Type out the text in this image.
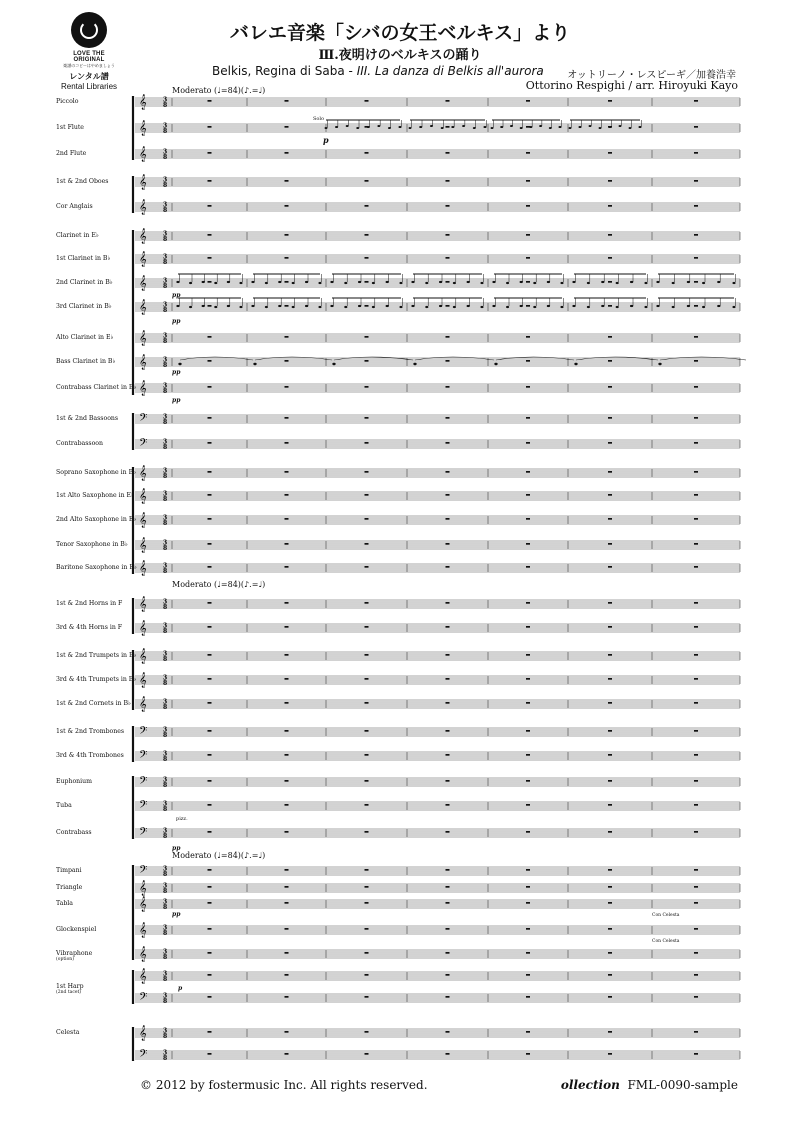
LOVE THE ORIGINAL
楽譜のコピーはやめましょう
レンタル譜
Rental Libraries
バレエ音楽「シバの女王ベルキス」より
Ⅲ.夜明けのベルキスの踊り
Belkis, Regina di Saba - III. La danza di Belkis all'aurora	オットリーノ・レスピーギ／加養浩幸
Ottorino Respighi / arr. Hiroyuki Kayo
Moderato (♩=84)(♪.=♩)
Moderato (♩=84)(♪.=♩)
Moderato (♩=84)(♪.=♩)
Piccolo
1st Flute
2nd Flute
1st & 2nd Oboes
Cor Anglais
Clarinet in E♭
1st Clarinet in B♭
2nd Clarinet in B♭
3rd Clarinet in B♭
Alto Clarinet in E♭
Bass Clarinet in B♭
Contrabass Clarinet in B♭
1st & 2nd Bassoons
Contrabassoon
Soprano Saxophone in B♭
1st Alto Saxophone in E♭
2nd Alto Saxophone in E♭
Tenor Saxophone in B♭
Baritone Saxophone in E♭
1st & 2nd Horns in F
3rd & 4th Horns in F
1st & 2nd Trumpets in B♭
3rd & 4th Trumpets in B♭
1st & 2nd Cornets in B♭
1st & 2nd Trombones
3rd & 4th Trombones
Euphonium
Tuba
Contrabass
Timpani
Triangle
Tabla
Glockenspiel
Vibraphone
(option)
1st Harp
(2nd tacet)
Celesta
𝄞	3
8
𝄞	3
8
𝄞	3
8
𝄞	3
8
𝄞	3
8
𝄞	3
8
𝄞	3
8
𝄞	3
8
𝄞	3
8
𝄞	3
8
𝄞	3
8
𝄞	3
8
𝄢	3
8
𝄢	3
8
𝄞	3
8
𝄞	3
8
𝄞	3
8
𝄞	3
8
𝄞	3
8
𝄞	3
8
𝄞	3
8
𝄞	3
8
𝄞	3
8
𝄞	3
8
𝄢	3
8
𝄢	3
8
𝄢	3
8
𝄢	3
8
𝄢	3
8
𝄢	3
8
𝄞	3
8
𝄞	3
8
𝄞	3
8
𝄞	3
8
𝄞	3
8
𝄢	3
8
𝄞	3
8
𝄢	3
8
Solo
p
pp
pp
pp
pp
pizz.
pp
pp	Con Celesta
Con Celesta
p
© 2012 by fostermusic Inc. All rights reserved.	ollection FML-0090-sample
